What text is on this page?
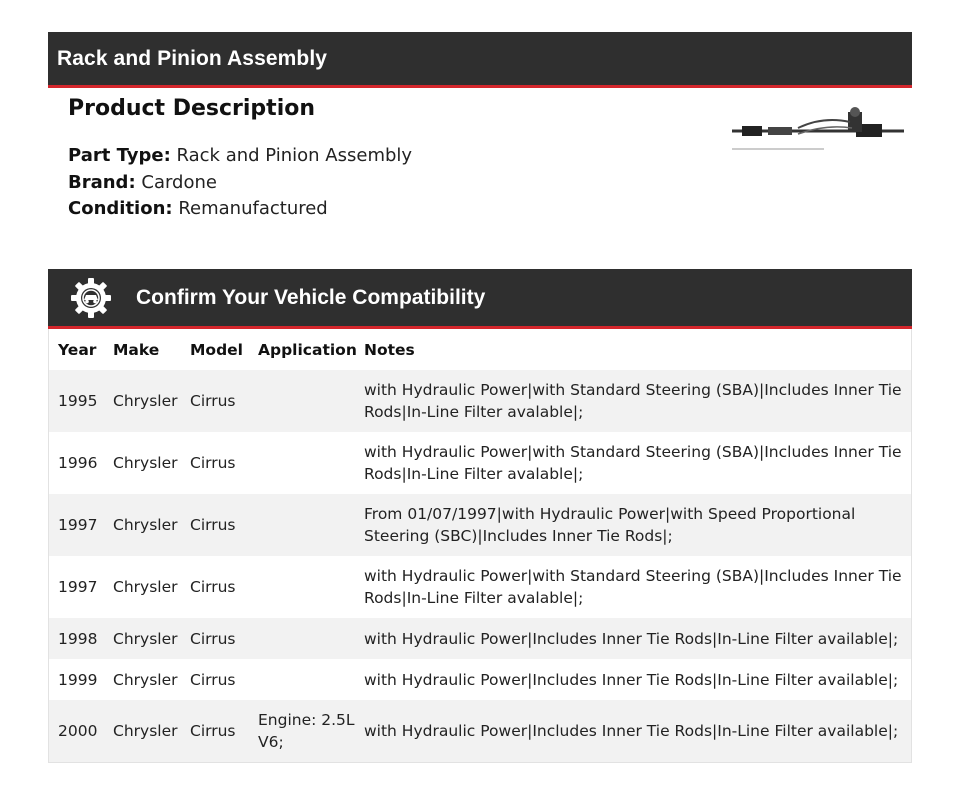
Rack and Pinion Assembly
Product Description
Part Type: Rack and Pinion Assembly
Brand: Cardone
Condition: Remanufactured
Confirm Your Vehicle Compatibility
Year	Make	Model	Application	Notes
1995	Chrysler	Cirrus		with Hydraulic Power|with Standard Steering (SBA)|Includes Inner Tie Rods|In-Line Filter avalable|;
1996	Chrysler	Cirrus		with Hydraulic Power|with Standard Steering (SBA)|Includes Inner Tie Rods|In-Line Filter avalable|;
1997	Chrysler	Cirrus		From 01/07/1997|with Hydraulic Power|with Speed Proportional Steering (SBC)|Includes Inner Tie Rods|;
1997	Chrysler	Cirrus		with Hydraulic Power|with Standard Steering (SBA)|Includes Inner Tie Rods|In-Line Filter avalable|;
1998	Chrysler	Cirrus		with Hydraulic Power|Includes Inner Tie Rods|In-Line Filter available|;
1999	Chrysler	Cirrus		with Hydraulic Power|Includes Inner Tie Rods|In-Line Filter available|;
2000	Chrysler	Cirrus	Engine: 2.5L V6;	with Hydraulic Power|Includes Inner Tie Rods|In-Line Filter available|;
